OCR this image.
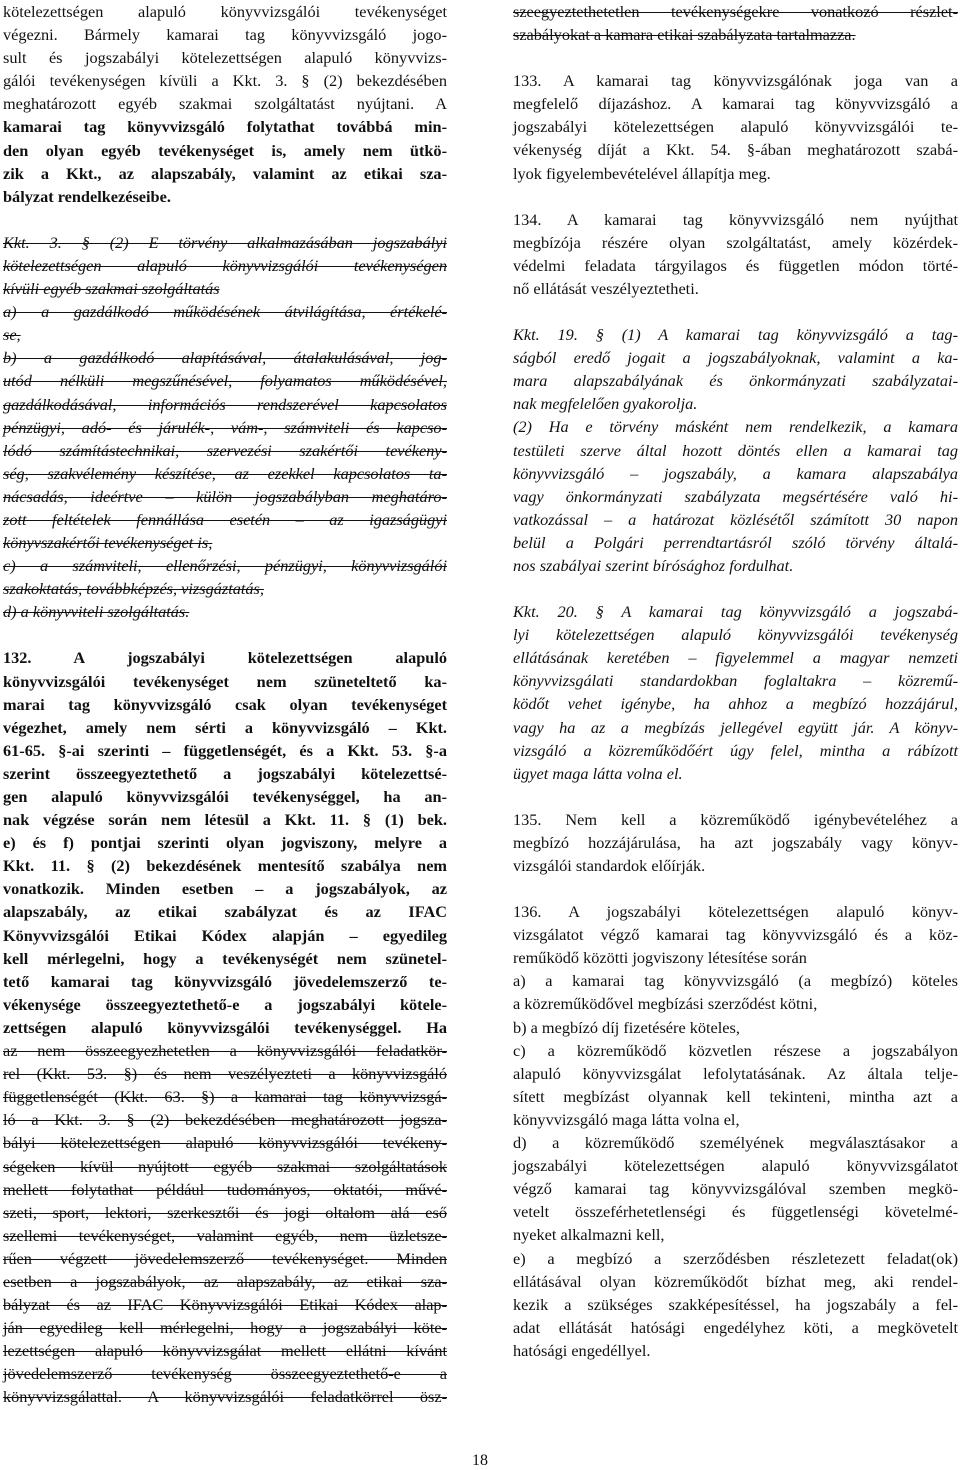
kötelezettségen alapuló könyvvizsgálói tevékenységet
végezni. Bármely kamarai tag könyvvizsgáló jogo-
sult és jogszabályi kötelezettségen alapuló könyvvizs-
gálói tevékenységen kívüli a Kkt. 3. § (2) bekezdésében
meghatározott egyéb szakmai szolgáltatást nyújtani. A
kamarai tag könyvvizsgáló folytathat továbbá min-
den olyan egyéb tevékenységet is, amely nem ütkö-
zik a Kkt., az alapszabály, valamint az etikai sza-
bályzat rendelkezéseibe.
Kkt. 3. § (2) E törvény alkalmazásában jogszabályi
kötelezettségen alapuló könyvvizsgálói tevékenységen
kívüli egyéb szakmai szolgáltatás
a) a gazdálkodó működésének átvilágítása, értékelé-
se,
b) a gazdálkodó alapításával, átalakulásával, jog-
utód nélküli megszűnésével, folyamatos működésével,
gazdálkodásával, információs rendszerével kapcsolatos
pénzügyi, adó- és járulék-, vám-, számviteli és kapcso-
lódó számítástechnikai, szervezési szakértői tevékeny-
ség, szakvélemény készítése, az ezekkel kapcsolatos ta-
nácsadás, ideértve – külön jogszabályban meghatáro-
zott feltételek fennállása esetén – az igazságügyi
könyvszakértői tevékenységet is,
c) a számviteli, ellenőrzési, pénzügyi, könyvvizsgálói
szakoktatás, továbbképzés, vizsgáztatás,
d) a könyvviteli szolgáltatás.
132. A jogszabályi kötelezettségen alapuló
könyvvizsgálói tevékenységet nem szüneteltető ka-
marai tag könyvvizsgáló csak olyan tevékenységet
végezhet, amely nem sérti a könyvvizsgáló – Kkt.
61-65. §-ai szerinti – függetlenségét, és a Kkt. 53. §-a
szerint összeegyeztethető a jogszabályi kötelezettsé-
gen alapuló könyvvizsgálói tevékenységgel, ha an-
nak végzése során nem létesül a Kkt. 11. § (1) bek.
e) és f) pontjai szerinti olyan jogviszony, melyre a
Kkt. 11. § (2) bekezdésének mentesítő szabálya nem
vonatkozik. Minden esetben – a jogszabályok, az
alapszabály, az etikai szabályzat és az IFAC
Könyvvizsgálói Etikai Kódex alapján – egyedileg
kell mérlegelni, hogy a tevékenységét nem szünetel-
tető kamarai tag könyvvizsgáló jövedelemszerző te-
vékenysége összeegyeztethető-e a jogszabályi kötele-
zettségen alapuló könyvvizsgálói tevékenységgel. Ha
az nem összeegyezhetetlen a könyvvizsgálói feladatkör-
rel (Kkt. 53. §) és nem veszélyezteti a könyvvizsgáló
függetlenségét (Kkt. 63. §) a kamarai tag könyvvizsgá-
ló a Kkt. 3. § (2) bekezdésében meghatározott jogsza-
bályi kötelezettségen alapuló könyvvizsgálói tevékeny-
ségeken kívül nyújtott egyéb szakmai szolgáltatások
mellett folytathat például tudományos, oktatói, művé-
szeti, sport, lektori, szerkesztői és jogi oltalom alá eső
szellemi tevékenységet, valamint egyéb, nem üzletsze-
rűen végzett jövedelemszerző tevékenységet. Minden
esetben a jogszabályok, az alapszabály, az etikai sza-
bályzat és az IFAC Könyvvizsgálói Etikai Kódex alap-
ján egyedileg kell mérlegelni, hogy a jogszabályi köte-
lezettségen alapuló könyvvizsgálat mellett ellátni kívánt
jövedelemszerző tevékenység összeegyeztethető-e a
könyvvizsgálattal. A könyvvizsgálói feladatkörrel ösz-
szeegyeztethetetlen tevékenységekre vonatkozó részlet-
szabályokat a kamara etikai szabályzata tartalmazza.
133. A kamarai tag könyvvizsgálónak joga van a
megfelelő díjazáshoz. A kamarai tag könyvvizsgáló a
jogszabályi kötelezettségen alapuló könyvvizsgálói te-
vékenység díját a Kkt. 54. §-ában meghatározott szabá-
lyok figyelembevételével állapítja meg.
134. A kamarai tag könyvvizsgáló nem nyújthat
megbízója részére olyan szolgáltatást, amely közérdek-
védelmi feladata tárgyilagos és független módon törté-
nő ellátását veszélyeztetheti.
Kkt. 19. § (1) A kamarai tag könyvvizsgáló a tag-
ságból eredő jogait a jogszabályoknak, valamint a ka-
mara alapszabályának és önkormányzati szabályzatai-
nak megfelelően gyakorolja.
(2) Ha e törvény másként nem rendelkezik, a kamara
testületi szerve által hozott döntés ellen a kamarai tag
könyvvizsgáló – jogszabály, a kamara alapszabálya
vagy önkormányzati szabályzata megsértésére való hi-
vatkozással – a határozat közlésétől számított 30 napon
belül a Polgári perrendtartásról szóló törvény általá-
nos szabályai szerint bírósághoz fordulhat.
Kkt. 20. § A kamarai tag könyvvizsgáló a jogszabá-
lyi kötelezettségen alapuló könyvvizsgálói tevékenység
ellátásának keretében – figyelemmel a magyar nemzeti
könyvvizsgálati standardokban foglaltakra – közremű-
ködőt vehet igénybe, ha ahhoz a megbízó hozzájárul,
vagy ha az a megbízás jellegével együtt jár. A könyv-
vizsgáló a közreműködőért úgy felel, mintha a rábízott
ügyet maga látta volna el.
135. Nem kell a közreműködő igénybevételéhez a
megbízó hozzájárulása, ha azt jogszabály vagy könyv-
vizsgálói standardok előírják.
136. A jogszabályi kötelezettségen alapuló könyv-
vizsgálatot végző kamarai tag könyvvizsgáló és a köz-
reműködő közötti jogviszony létesítése során
a) a kamarai tag könyvvizsgáló (a megbízó) köteles
a közreműködővel megbízási szerződést kötni,
b) a megbízó díj fizetésére köteles,
c) a közreműködő közvetlen részese a jogszabályon
alapuló könyvvizsgálat lefolytatásának. Az általa telje-
sített megbízást olyannak kell tekinteni, mintha azt a
könyvvizsgáló maga látta volna el,
d) a közreműködő személyének megválasztásakor a
jogszabályi kötelezettségen alapuló könyvvizsgálatot
végző kamarai tag könyvvizsgálóval szemben megkö-
vetelt összeférhetetlenségi és függetlenségi követelmé-
nyeket alkalmazni kell,
e) a megbízó a szerződésben részletezett feladat(ok)
ellátásával olyan közreműködőt bízhat meg, aki rendel-
kezik a szükséges szakképesítéssel, ha jogszabály a fel-
adat ellátását hatósági engedélyhez köti, a megkövetelt
hatósági engedéllyel.
18
